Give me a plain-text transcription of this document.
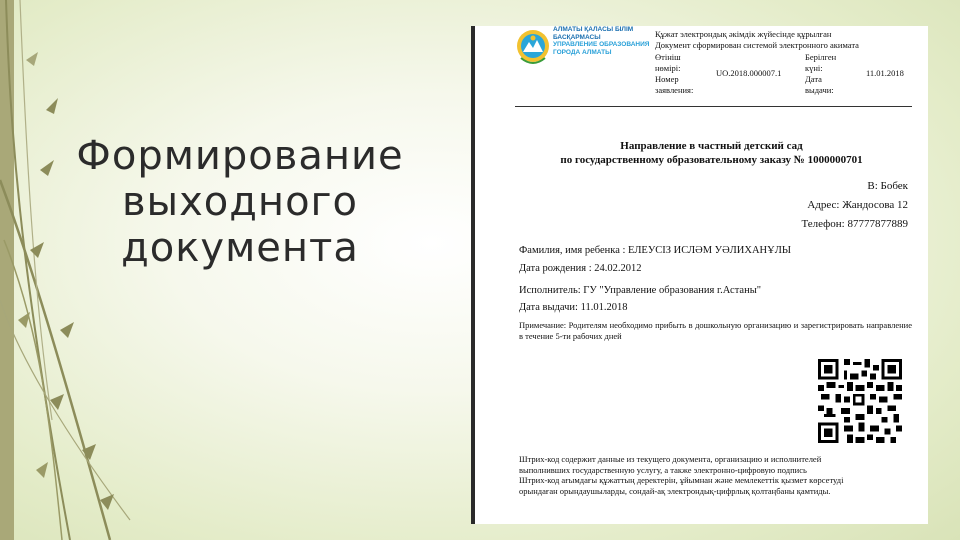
Формирование
выходного
документа
АЛМАТЫ ҚАЛАСЫ БІЛІМ
БАСҚАРМАСЫ
УПРАВЛЕНИЕ ОБРАЗОВАНИЯ
ГОРОДА АЛМАТЫ
Құжат электрондық әкімдік жүйесінде құрылған
Документ сформирован системой электронного акимата
Өтініш
нөмірі:
Номер
заявления:
UO.2018.000007.1
Берілген
күні:
Дата
выдачи:
11.01.2018
Направление в частный детский сад
по государственному образовательному заказу № 1000000701
В: Бобек
Адрес: Жандосова 12
Телефон: 87777877889
Фамилия, имя ребенка : ЕЛЕУСІЗ ИСЛӘМ УӘЛИХАНҰЛЫ
Дата рождения : 24.02.2012
Исполнитель: ГУ "Управление образования г.Астаны"
Дата выдачи: 11.01.2018
Примечание: Родителям необходимо прибыть в дошкольную организацию и зарегистрировать направление в течение 5-ти рабочих дней
Штрих-код содержит данные из текущего документа, организацию и исполнителей
выполнивших государственную услугу, а также электронно-цифровую подпись
Штрих-код ағымдағы құжаттың деректерін, ұйымнан және мемлекеттік қызмет көрсетуді
орындаған орындаушыларды, сондай-ақ электрондық-цифрлық қолтаңбаны қамтиды.
